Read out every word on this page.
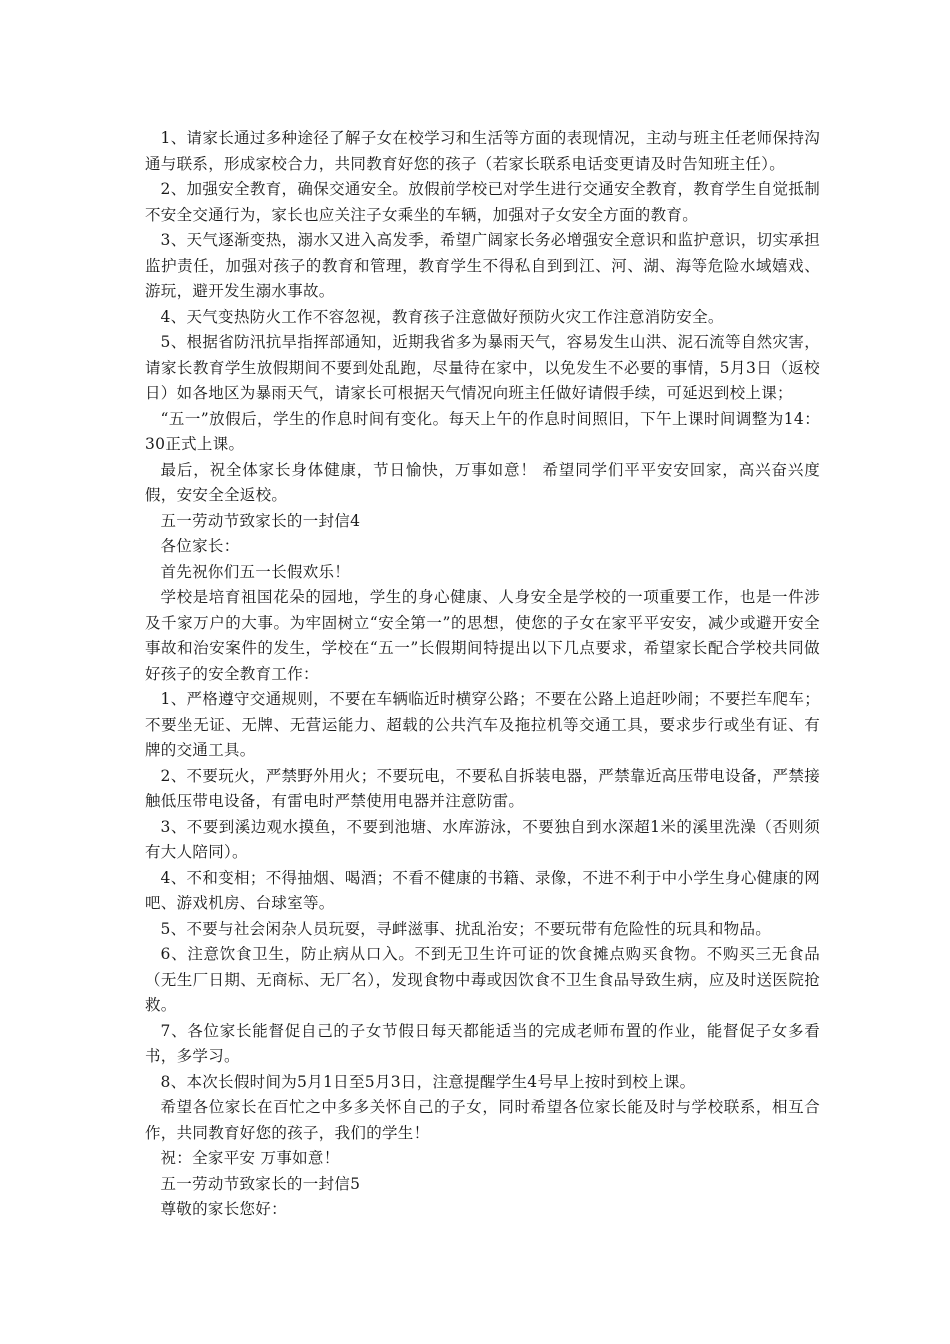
1、请家长通过多种途径了解子女在校学习和生活等方面的表现情况，主动与班主任老师保持沟通与联系，形成家校合力，共同教育好您的孩子（若家长联系电话变更请及时告知班主任）。

2、加强安全教育，确保交通安全。放假前学校已对学生进行交通安全教育，教育学生自觉抵制不安全交通行为，家长也应关注子女乘坐的车辆，加强对子女安全方面的教育。

3、天气逐渐变热，溺水又进入高发季，希望广阔家长务必增强安全意识和监护意识，切实承担监护责任，加强对孩子的教育和管理，教育学生不得私自到到江、河、湖、海等危险水域嬉戏、游玩，避开发生溺水事故。

4、天气变热防火工作不容忽视，教育孩子注意做好预防火灾工作注意消防安全。

5、根据省防汛抗旱指挥部通知，近期我省多为暴雨天气，容易发生山洪、泥石流等自然灾害，请家长教育学生放假期间不要到处乱跑，尽量待在家中，以免发生不必要的事情，5月3日（返校日）如各地区为暴雨天气，请家长可根据天气情况向班主任做好请假手续，可延迟到校上课；

“五一”放假后，学生的作息时间有变化。每天上午的作息时间照旧，下午上课时间调整为14：30正式上课。

最后，祝全体家长身体健康，节日愉快，万事如意！ 希望同学们平平安安回家，高兴奋兴度假，安安全全返校。

五一劳动节致家长的一封信4

各位家长：

首先祝你们五一长假欢乐！

学校是培育祖国花朵的园地，学生的身心健康、人身安全是学校的一项重要工作，也是一件涉及千家万户的大事。为牢固树立“安全第一”的思想，使您的子女在家平平安安，减少或避开安全事故和治安案件的发生，学校在“五一”长假期间特提出以下几点要求，希望家长配合学校共同做好孩子的安全教育工作：

1、严格遵守交通规则，不要在车辆临近时横穿公路；不要在公路上追赶吵闹；不要拦车爬车；不要坐无证、无牌、无营运能力、超载的公共汽车及拖拉机等交通工具，要求步行或坐有证、有牌的交通工具。

2、不要玩火，严禁野外用火；不要玩电，不要私自拆装电器，严禁靠近高压带电设备，严禁接触低压带电设备，有雷电时严禁使用电器并注意防雷。

3、不要到溪边观水摸鱼，不要到池塘、水库游泳，不要独自到水深超1米的溪里洗澡（否则须有大人陪同）。

4、不和变相；不得抽烟、喝酒；不看不健康的书籍、录像，不进不利于中小学生身心健康的网吧、游戏机房、台球室等。

5、不要与社会闲杂人员玩耍，寻衅滋事、扰乱治安；不要玩带有危险性的玩具和物品。

6、注意饮食卫生，防止病从口入。不到无卫生许可证的饮食摊点购买食物。不购买三无食品（无生厂日期、无商标、无厂名），发现食物中毒或因饮食不卫生食品导致生病，应及时送医院抢救。

7、各位家长能督促自己的子女节假日每天都能适当的完成老师布置的作业，能督促子女多看书，多学习。

8、本次长假时间为5月1日至5月3日，注意提醒学生4号早上按时到校上课。

希望各位家长在百忙之中多多关怀自己的子女，同时希望各位家长能及时与学校联系，相互合作，共同教育好您的孩子，我们的学生！

祝：全家平安 万事如意！

五一劳动节致家长的一封信5

尊敬的家长您好：
